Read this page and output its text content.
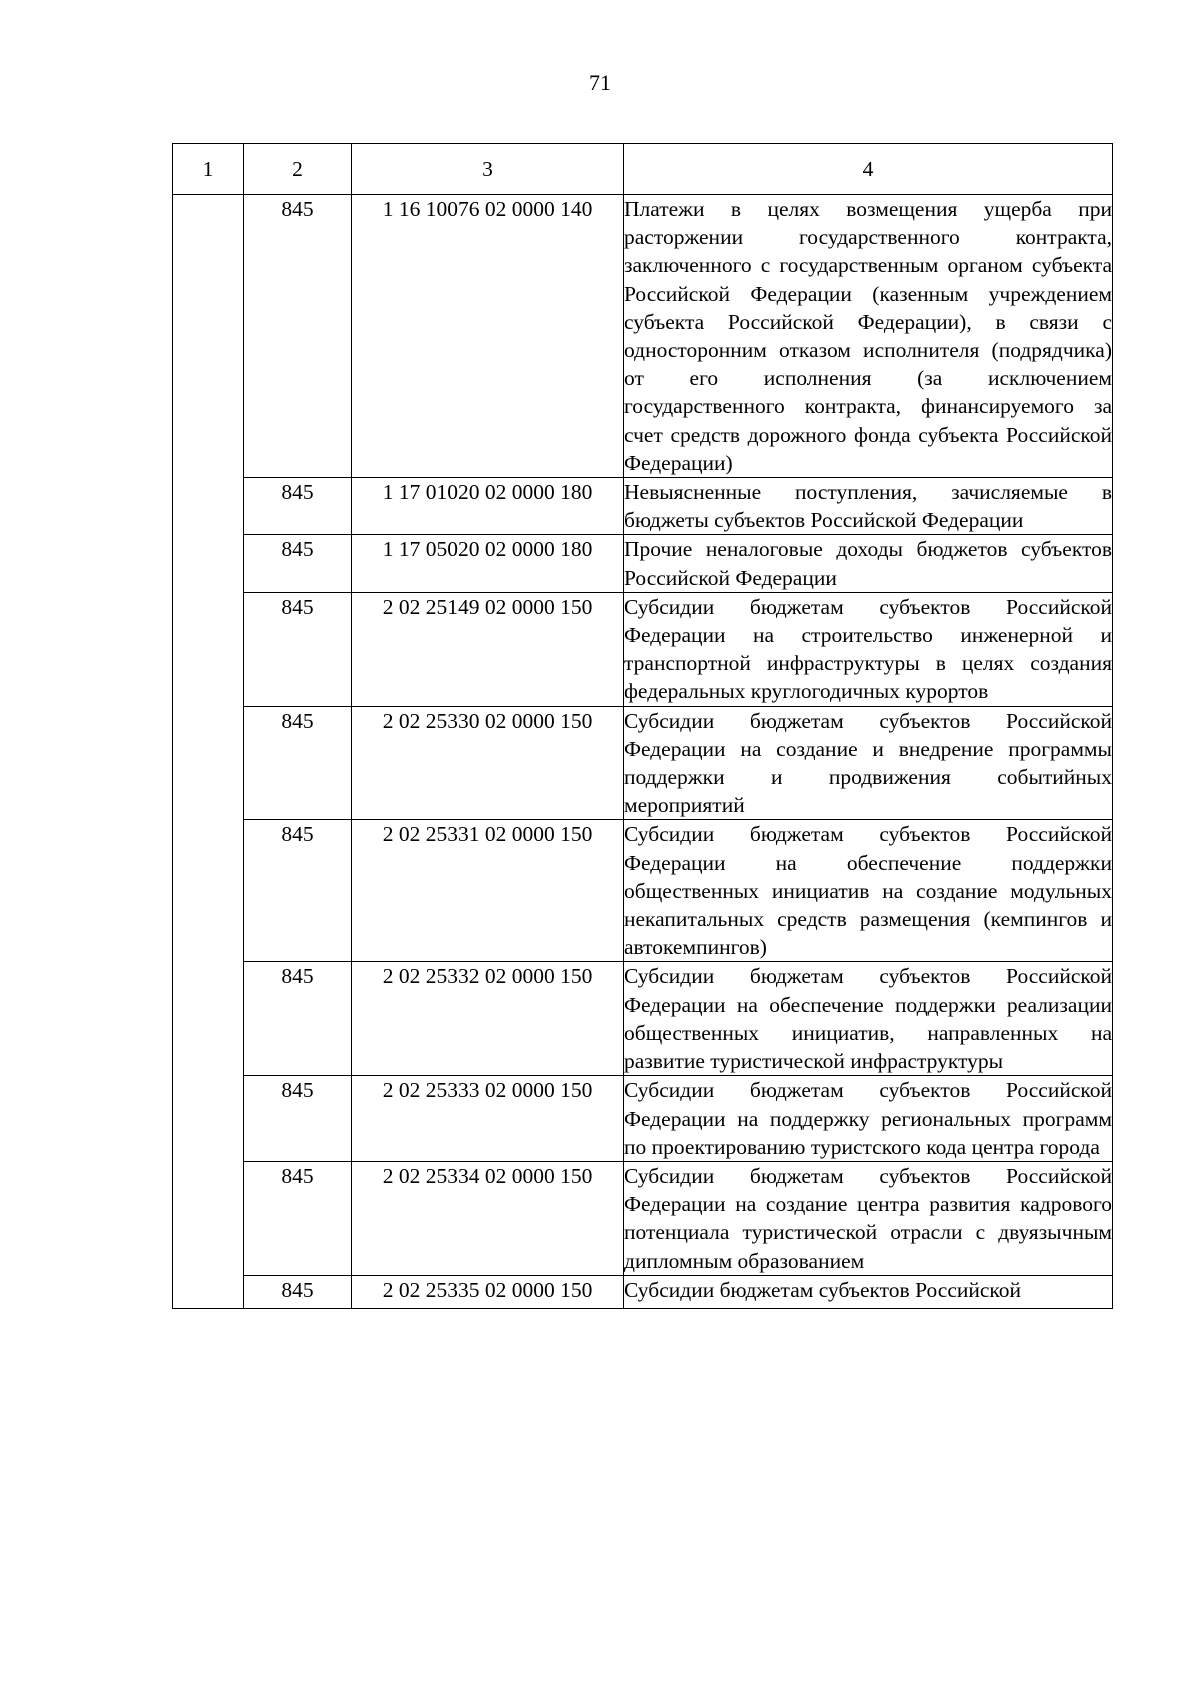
71
1	2	3	4
	845	1 16 10076 02 0000 140	Платежи в целях возмещения ущерба при расторжении государственного контракта, заключенного с государственным органом субъекта Российской Федерации (казенным учреждением субъекта Российской Федерации), в связи с односторонним отказом исполнителя (подрядчика) от его исполнения (за исключением государственного контракта, финансируемого за счет средств дорожного фонда субъекта Российской Федерации)
	845	1 17 01020 02 0000 180	Невыясненные поступления, зачисляемые в бюджеты субъектов Российской Федерации
	845	1 17 05020 02 0000 180	Прочие неналоговые доходы бюджетов субъектов Российской Федерации
	845	2 02 25149 02 0000 150	Субсидии бюджетам субъектов Российской Федерации на строительство инженерной и транспортной инфраструктуры в целях создания федеральных круглогодичных курортов
	845	2 02 25330 02 0000 150	Субсидии бюджетам субъектов Российской Федерации на создание и внедрение программы поддержки и продвижения событийных мероприятий
	845	2 02 25331 02 0000 150	Субсидии бюджетам субъектов Российской Федерации на обеспечение поддержки общественных инициатив на создание модульных некапитальных средств размещения (кемпингов и автокемпингов)
	845	2 02 25332 02 0000 150	Субсидии бюджетам субъектов Российской Федерации на обеспечение поддержки реализации общественных инициатив, направленных на развитие туристической инфраструктуры
	845	2 02 25333 02 0000 150	Субсидии бюджетам субъектов Российской Федерации на поддержку региональных программ по проектированию туристского кода центра города
	845	2 02 25334 02 0000 150	Субсидии бюджетам субъектов Российской Федерации на создание центра развития кадрового потенциала туристической отрасли с двуязычным дипломным образованием
	845	2 02 25335 02 0000 150	Субсидии бюджетам субъектов Российской
